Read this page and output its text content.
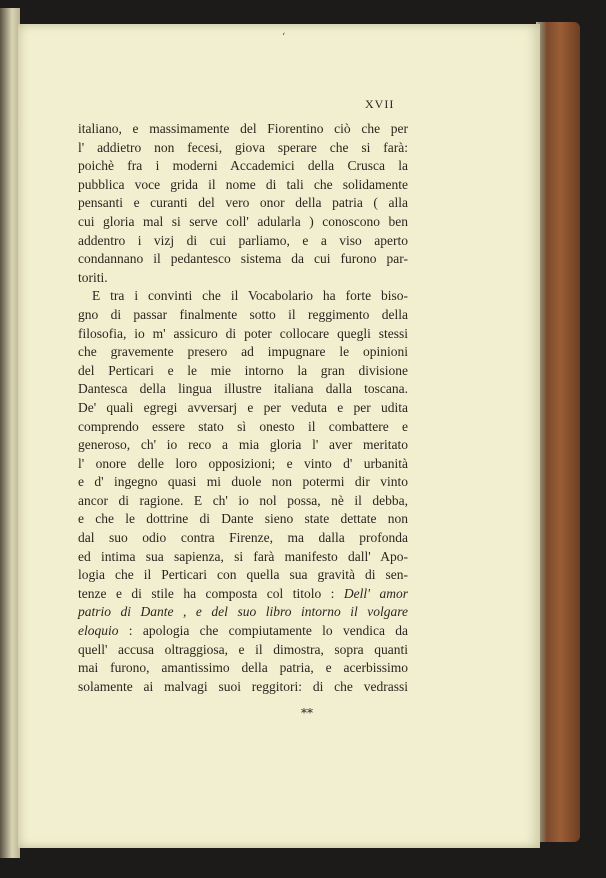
‘
XVII
italiano, e massimamente del Fiorentino ciò che per
l' addietro non fecesi, giova sperare che si farà:
poichè fra i moderni Accademici della Crusca la
pubblica voce grida il nome di tali che solidamente
pensanti e curanti del vero onor della patria ( alla
cui gloria mal si serve coll' adularla ) conoscono ben
addentro i vizj di cui parliamo, e a viso aperto
condannano il pedantesco sistema da cui furono par-
toriti.
E tra i convinti che il Vocabolario ha forte biso-
gno di passar finalmente sotto il reggimento della
filosofia, io m' assicuro di poter collocare quegli stessi
che gravemente presero ad impugnare le opinioni
del Perticari e le mie intorno la gran divisione
Dantesca della lingua illustre italiana dalla toscana.
De' quali egregi avversarj e per veduta e per udita
comprendo essere stato sì onesto il combattere e
generoso, ch' io reco a mia gloria l' aver meritato
l' onore delle loro opposizioni; e vinto d' urbanità
e d' ingegno quasi mi duole non potermi dir vinto
ancor di ragione. E ch' io nol possa, nè il debba,
e che le dottrine di Dante sieno state dettate non
dal suo odio contra Firenze, ma dalla profonda
ed intima sua sapienza, si farà manifesto dall' Apo-
logia che il Perticari con quella sua gravità di sen-
tenze e di stile ha composta col titolo : Dell' amor
patrio di Dante , e del suo libro intorno il volgare
eloquio : apologia che compiutamente lo vendica da
quell' accusa oltraggiosa, e il dimostra, sopra quanti
mai furono, amantissimo della patria, e acerbissimo
solamente ai malvagi suoi reggitori: di che vedrassi
**
